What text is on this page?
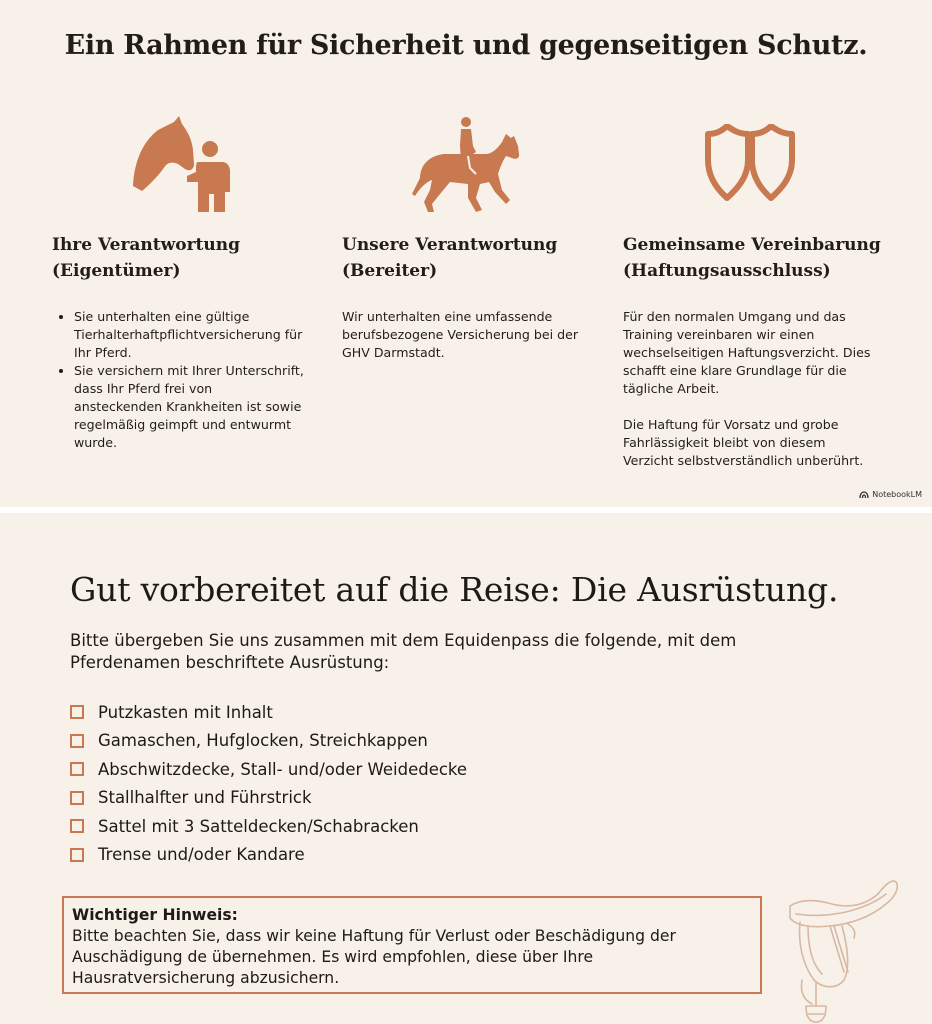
Ein Rahmen für Sicherheit und gegenseitigen Schutz.
Ihre Verantwortung
(Eigentümer)
• Sie unterhalten eine gültige Tierhalterhaftpflichtversicherung für Ihr Pferd.
• Sie versichern mit Ihrer Unterschrift, dass Ihr Pferd frei von ansteckenden Krankheiten ist sowie regelmäßig geimpft und entwurmt wurde.
Unsere Verantwortung
(Bereiter)

Wir unterhalten eine umfassende berufsbezogene Versicherung bei der GHV Darmstadt.

Gemeinsame Vereinbarung
(Haftungsausschluss)

Für den normalen Umgang und das Training vereinbaren wir einen wechselseitigen Haftungsverzicht. Dies schafft eine klare Grundlage für die tägliche Arbeit.

Die Haftung für Vorsatz und grobe Fahrlässigkeit bleibt von diesem Verzicht selbstverständlich unberührt.

NotebookLM
Gut vorbereitet auf die Reise: Die Ausrüstung.

Bitte übergeben Sie uns zusammen mit dem Equidenpass die folgende, mit dem Pferdenamen beschriftete Ausrüstung:

Putzkasten mit Inhalt
Gamaschen, Hufglocken, Streichkappen
Abschwitzdecke, Stall- und/oder Weidedecke
Stallhalfter und Führstrick
Sattel mit 3 Satteldecken/Schabracken
Trense und/oder Kandare
Wichtiger Hinweis:
Bitte beachten Sie, dass wir keine Haftung für Verlust oder Beschädigung der Auschädigung de übernehmen. Es wird empfohlen, diese über Ihre Hausratversicherung abzusichern.
